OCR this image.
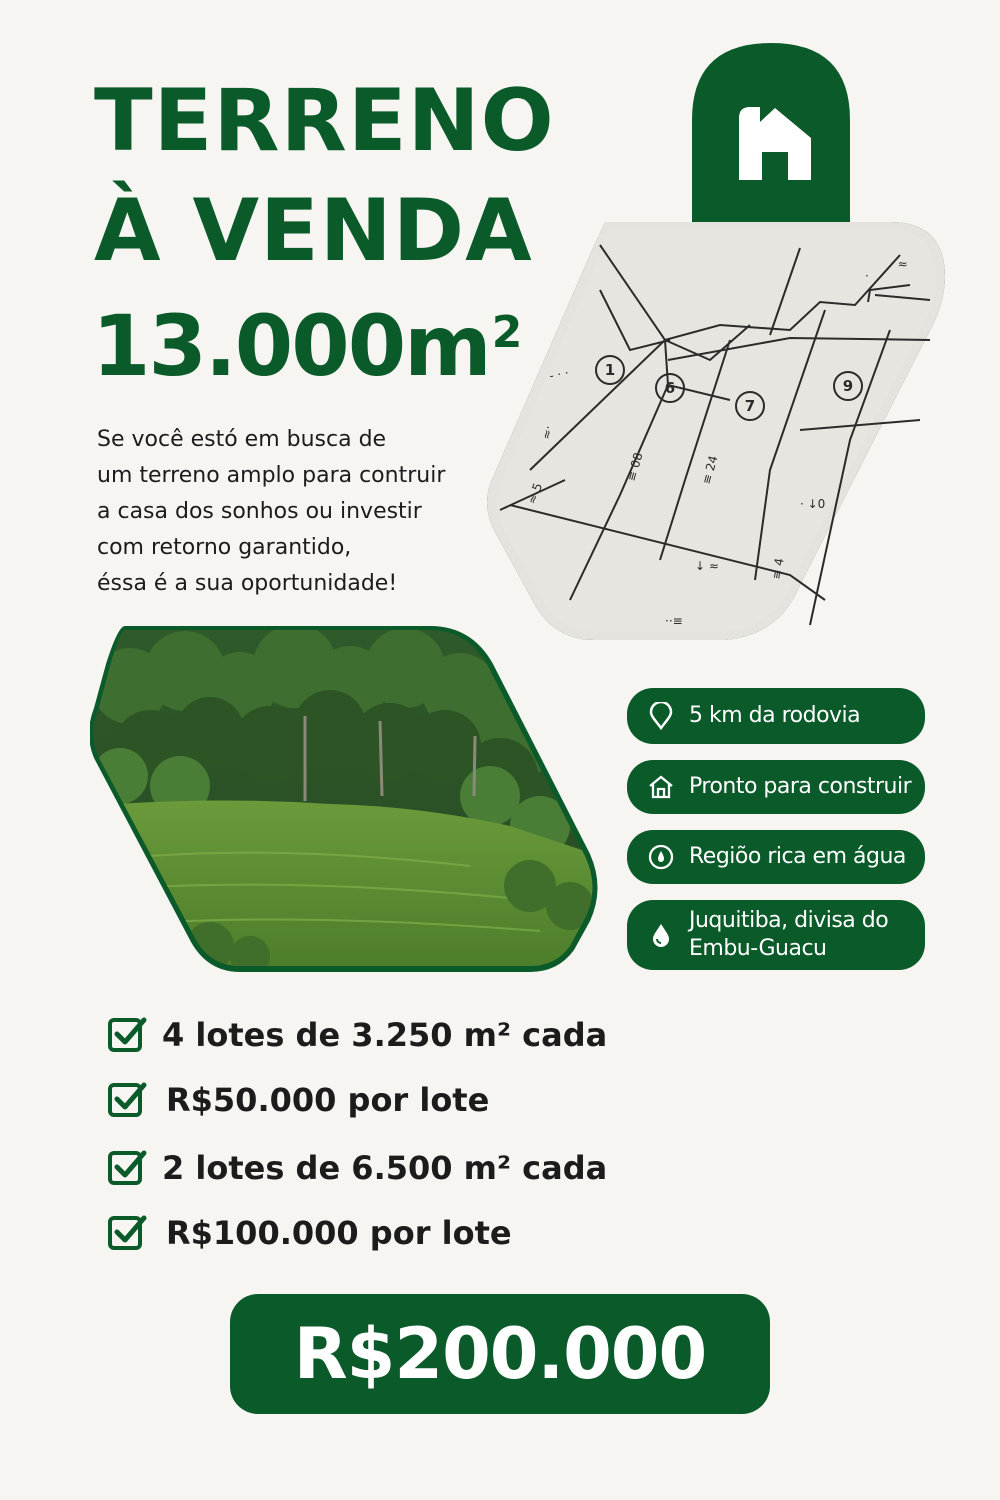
TERRENO
À VENDA
$13.000m^2$
- · ·
≈ 5
≡ 08	≡ 24
· ↓0
·
· ≈
↓ ≈	≡ 4
··≡
≈·
1
6
7
9
Se você estó em busca de
um terreno amplo para contruir
a casa dos sonhos ou investir
com retorno garantido,
éssa é a sua oportunidade!
5 km da rodovia
Pronto para construir
Regiõo rica em água
Juquitiba, divisa do
Embu-Guacu
4 lotes de 3.250 m² cada
R$50.000 por lote
2 lotes de 6.500 m² cada
R$100.000 por lote
R$200.000
